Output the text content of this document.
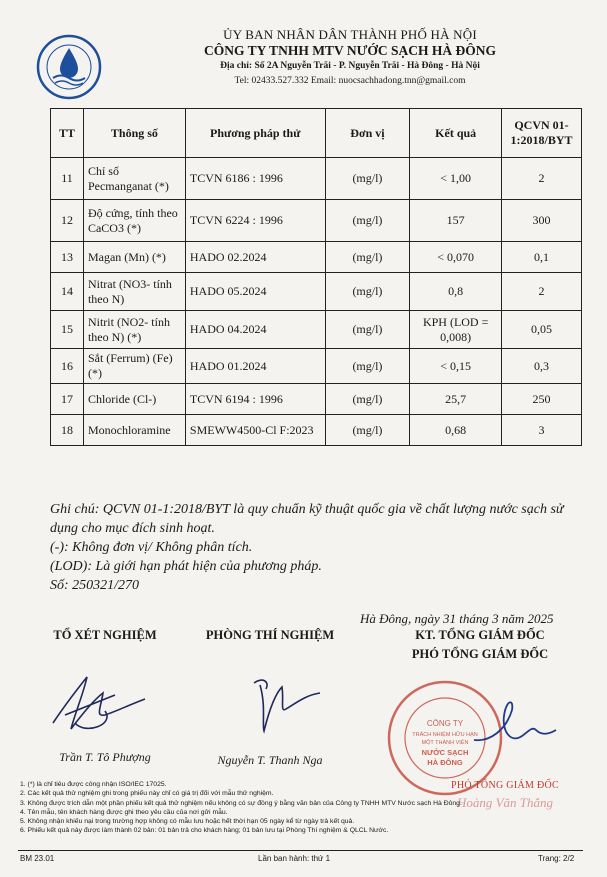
ỦY BAN NHÂN DÂN THÀNH PHỐ HÀ NỘI
CÔNG TY TNHH MTV NƯỚC SẠCH HÀ ĐÔNG
Địa chỉ: Số 2A Nguyễn Trãi - P. Nguyễn Trãi - Hà Đông - Hà Nội
Tel: 02433.527.332 Email: nuocsachhadong.tnn@gmail.com
TT	Thông số	Phương pháp thử	Đơn vị	Kết quả	QCVN 01-1:2018/BYT
11	Chỉ số Pecmanganat (*)	TCVN 6186 : 1996	(mg/l)	< 1,00	2
12	Độ cứng, tính theo CaCO3 (*)	TCVN 6224 : 1996	(mg/l)	157	300
13	Magan (Mn) (*)	HADO 02.2024	(mg/l)	< 0,070	0,1
14	Nitrat (NO3- tính theo N)	HADO 05.2024	(mg/l)	0,8	2
15	Nitrit (NO2- tính theo N) (*)	HADO 04.2024	(mg/l)	KPH (LOD = 0,008)	0,05
16	Sắt (Ferrum) (Fe) (*)	HADO 01.2024	(mg/l)	< 0,15	0,3
17	Chloride (Cl-)	TCVN 6194 : 1996	(mg/l)	25,7	250
18	Monochloramine	SMEWW4500-Cl F:2023	(mg/l)	0,68	3
Ghi chú: QCVN 01-1:2018/BYT là quy chuẩn kỹ thuật quốc gia về chất lượng nước sạch sử dụng cho mục đích sinh hoạt.
(-): Không đơn vị/ Không phân tích.
(LOD): Là giới hạn phát hiện của phương pháp.
Số: 250321/270
Hà Đông, ngày 31 tháng 3 năm 2025
TỔ XÉT NGHIỆM	PHÒNG THÍ NGHIỆM	KT. TỔNG GIÁM ĐỐC
PHÓ TỔNG GIÁM ĐỐC
Trần T. Tô Phượng	Nguyễn T. Thanh Nga
CÔNG TY
TRÁCH NHIỆM HỮU HẠN
MỘT THÀNH VIÊN
NƯỚC SẠCH
HÀ ĐÔNG
PHÓ TỔNG GIÁM ĐỐC
Hoàng Văn Thắng
1. (*) là chỉ tiêu được công nhận ISO/IEC 17025.
2. Các kết quả thử nghiệm ghi trong phiếu này chỉ có giá trị đối với mẫu thử nghiệm.
3. Không được trích dẫn một phần phiếu kết quả thử nghiệm nếu không có sự đồng ý bằng văn bản của Công ty TNHH MTV Nước sạch Hà Đông.
4. Tên mẫu, tên khách hàng được ghi theo yêu cầu của nơi gửi mẫu.
5. Không nhận khiếu nại trong trường hợp không có mẫu lưu hoặc hết thời hạn 05 ngày kể từ ngày trả kết quả.
6. Phiếu kết quả này được làm thành 02 bản: 01 bản trả cho khách hàng; 01 bản lưu tại Phòng Thí nghiệm & QLCL Nước.
BM 23.01	Lần ban hành: thứ 1	Trang: 2/2
